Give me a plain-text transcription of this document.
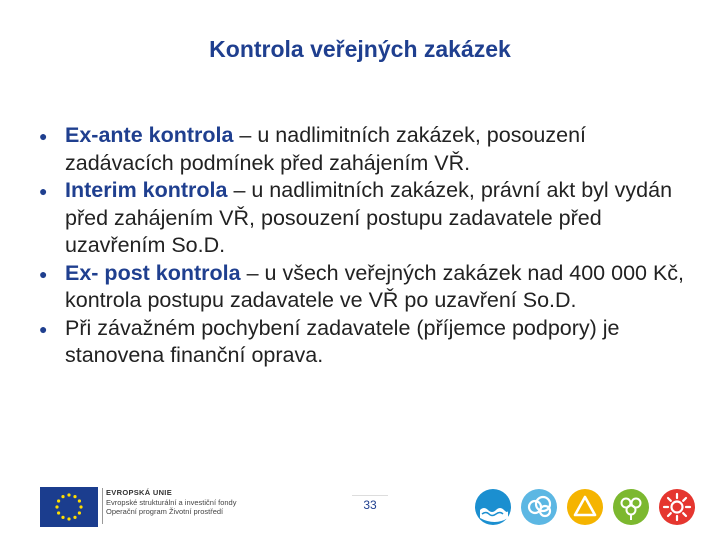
Kontrola veřejných zakázek
● Ex-ante kontrola – u nadlimitních zakázek, posouzení zadávacích podmínek před zahájením VŘ.
● Interim kontrola – u nadlimitních zakázek, právní akt byl vydán před zahájením VŘ, posouzení postupu zadavatele před uzavřením So.D.
● Ex- post kontrola – u všech veřejných zakázek nad 400 000 Kč, kontrola postupu zadavatele ve VŘ po uzavření So.D.
● Při závažném pochybení zadavatele (příjemce podpory) je stanovena finanční oprava.
EVROPSKÁ UNIE
Evropské strukturální a investiční fondy
Operační program Životní prostředí	33
